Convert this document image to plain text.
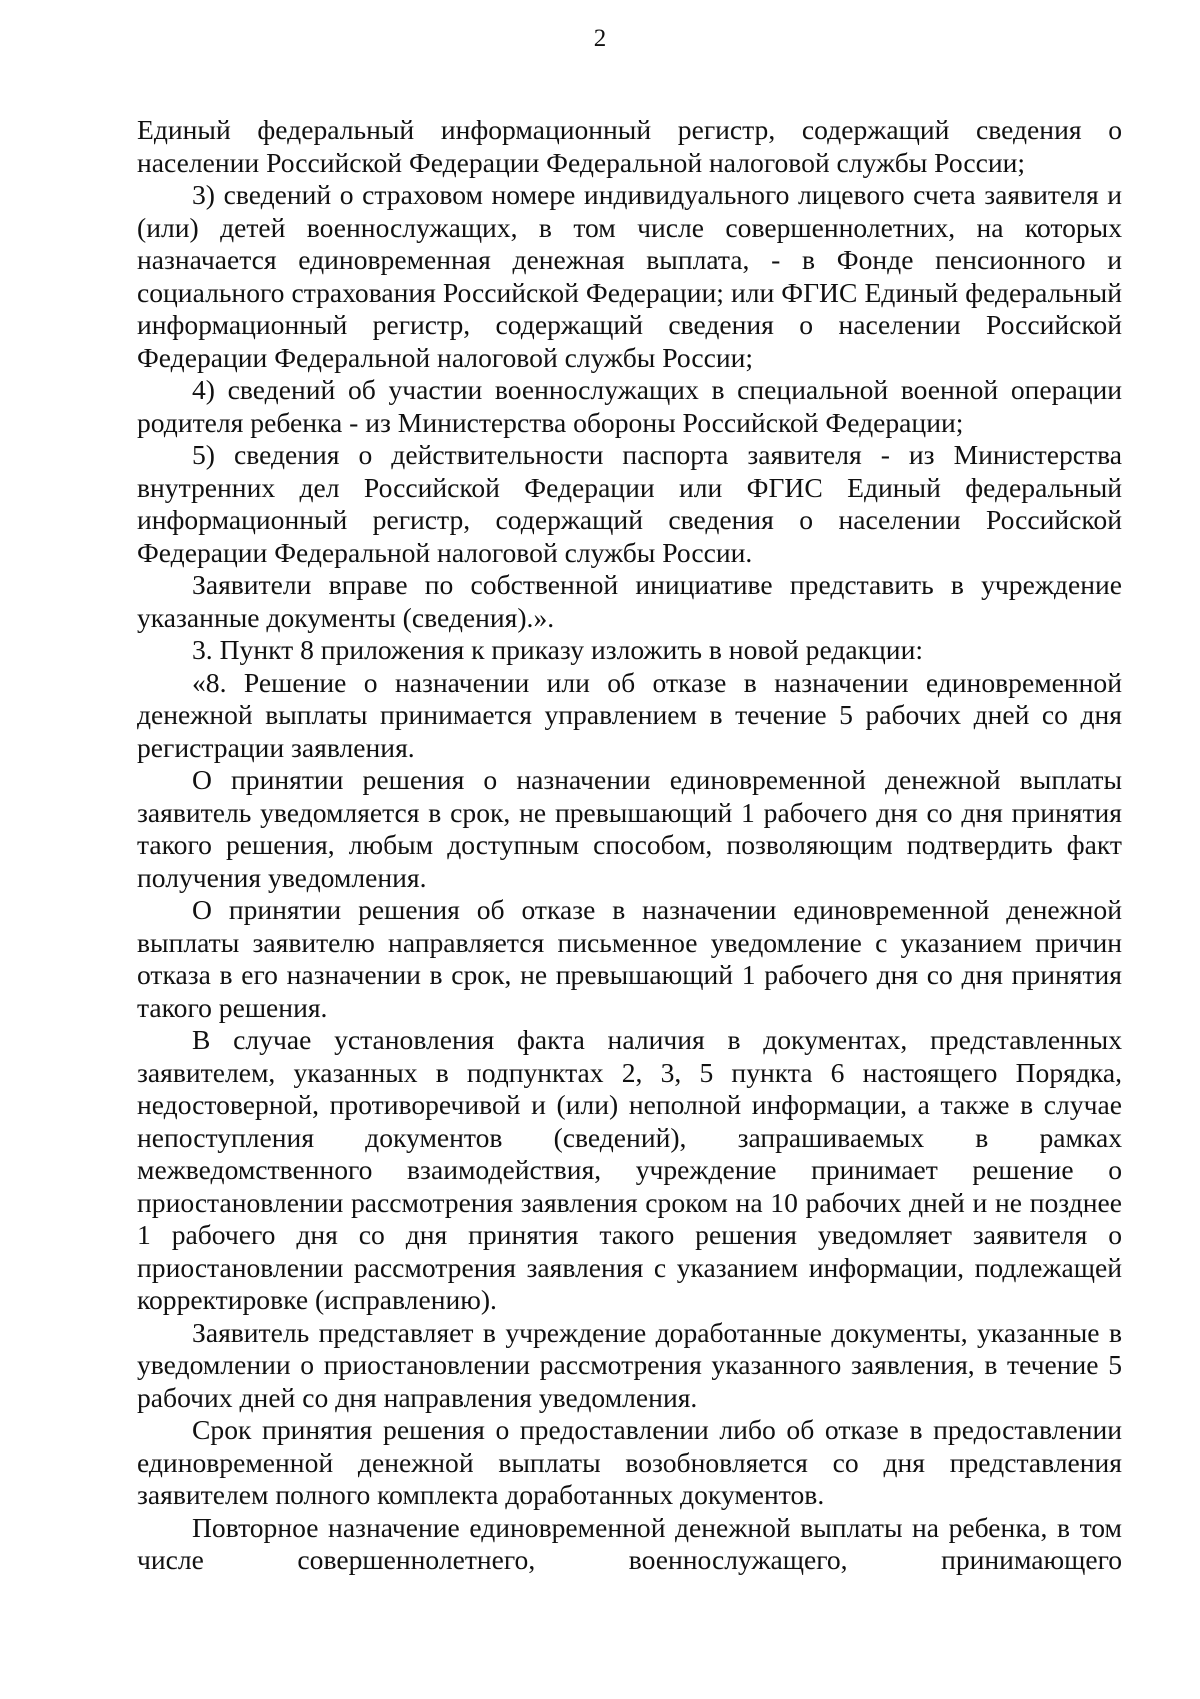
2

Единый федеральный информационный регистр, содержащий сведения о населении Российской Федерации Федеральной налоговой службы России;

3) сведений о страховом номере индивидуального лицевого счета заявителя и (или) детей военнослужащих, в том числе совершеннолетних, на которых назначается единовременная денежная выплата, - в Фонде пенсионного и социального страхования Российской Федерации; или ФГИС Единый федеральный информационный регистр, содержащий сведения о населении Российской Федерации Федеральной налоговой службы России;

4) сведений об участии военнослужащих в специальной военной операции родителя ребенка - из Министерства обороны Российской Федерации;

5) сведения о действительности паспорта заявителя - из Министерства внутренних дел Российской Федерации или ФГИС Единый федеральный информационный регистр, содержащий сведения о населении Российской Федерации Федеральной налоговой службы России.

Заявители вправе по собственной инициативе представить в учреждение указанные документы (сведения).».

3. Пункт 8 приложения к приказу изложить в новой редакции:

«8. Решение о назначении или об отказе в назначении единовременной денежной выплаты принимается управлением в течение 5 рабочих дней со дня регистрации заявления.

О принятии решения о назначении единовременной денежной выплаты заявитель уведомляется в срок, не превышающий 1 рабочего дня со дня принятия такого решения, любым доступным способом, позволяющим подтвердить факт получения уведомления.

О принятии решения об отказе в назначении единовременной денежной выплаты заявителю направляется письменное уведомление с указанием причин отказа в его назначении в срок, не превышающий 1 рабочего дня со дня принятия такого решения.

В случае установления факта наличия в документах, представленных заявителем, указанных в подпунктах 2, 3, 5 пункта 6 настоящего Порядка, недостоверной, противоречивой и (или) неполной информации, а также в случае непоступления документов (сведений), запрашиваемых в рамках межведомственного взаимодействия, учреждение принимает решение о приостановлении рассмотрения заявления сроком на 10 рабочих дней и не позднее 1 рабочего дня со дня принятия такого решения уведомляет заявителя о приостановлении рассмотрения заявления с указанием информации, подлежащей корректировке (исправлению).

Заявитель представляет в учреждение доработанные документы, указанные в уведомлении о приостановлении рассмотрения указанного заявления, в течение 5 рабочих дней со дня направления уведомления.

Срок принятия решения о предоставлении либо об отказе в предоставлении единовременной денежной выплаты возобновляется со дня представления заявителем полного комплекта доработанных документов.

Повторное назначение единовременной денежной выплаты на ребенка, в том числе совершеннолетнего, военнослужащего, принимающего
